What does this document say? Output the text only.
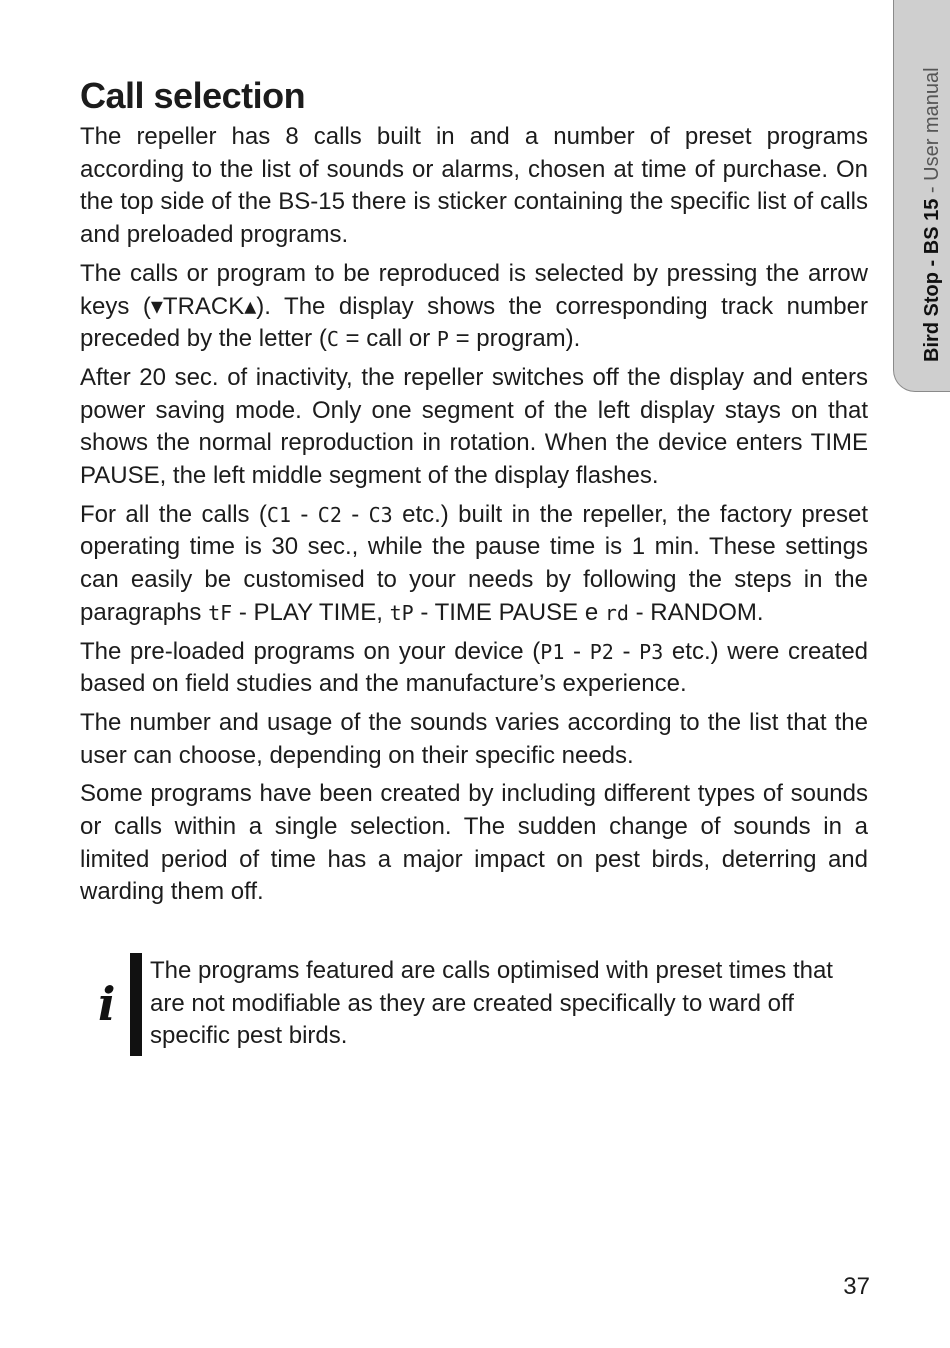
Bird Stop - BS 15 - User manual
Call selection

The repeller has 8 calls built in and a number of preset programs according to the list of sounds or alarms, chosen at time of purchase. On the top side of the BS-15 there is sticker containing the specific list of calls and preloaded programs.

The calls or program to be reproduced is selected by pressing the arrow keys (▾TRACK▴). The display shows the corresponding track number preceded by the letter (C = call or P = program).

After 20 sec. of inactivity, the repeller switches off the display and enters power saving mode. Only one segment of the left display stays on that shows the normal reproduction in rotation. When the device enters TIME PAUSE, the left middle segment of the display flashes.

For all the calls (C1 - C2 - C3 etc.) built in the repeller, the factory preset operating time is 30 sec., while the pause time is 1 min. These settings can easily be customised to your needs by following the steps in the paragraphs tF - PLAY TIME, tP - TIME PAUSE e rd - RANDOM.

The pre-loaded programs on your device (P1 - P2 - P3 etc.) were created based on field studies and the manufacture’s experience.

The number and usage of the sounds varies according to the list that the user can choose, depending on their specific needs.

Some programs have been created by including different types of sounds or calls within a single selection. The sudden change of sounds in a limited period of time has a major impact on pest birds, deterring and warding them off.

i

The programs featured are calls optimised with preset times that are not modifiable as they are created specifically to ward off specific pest birds.

37
